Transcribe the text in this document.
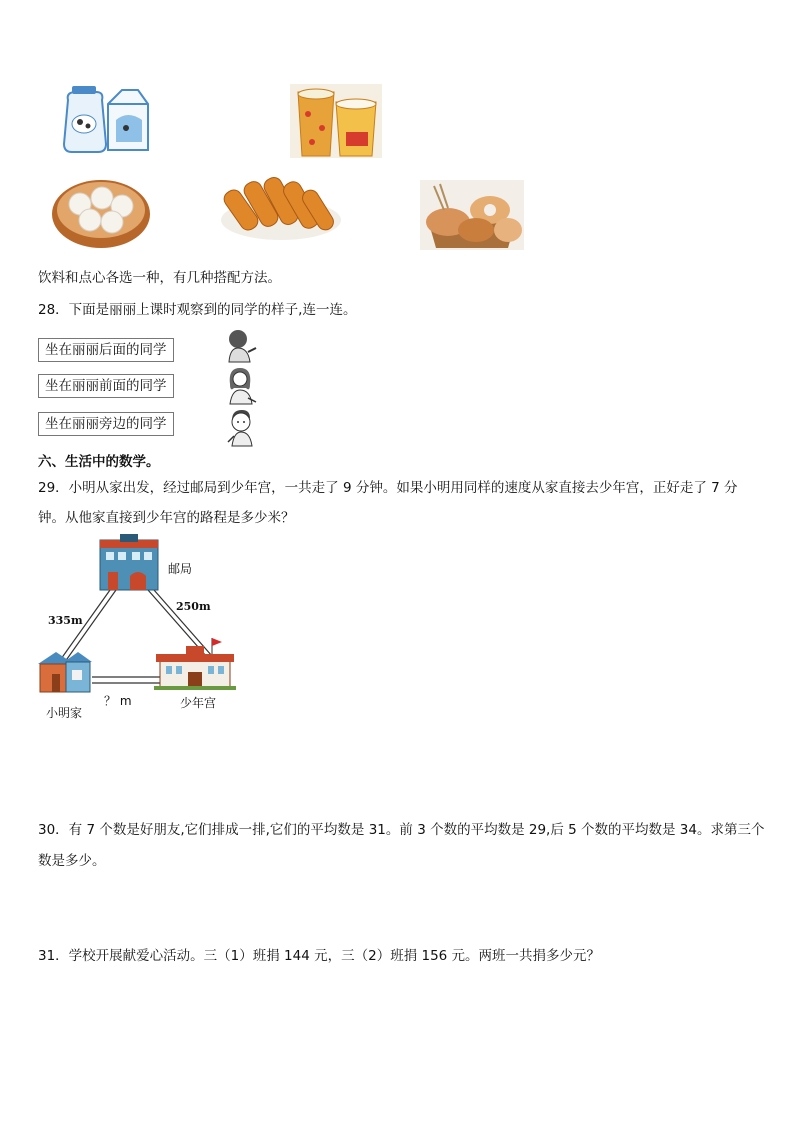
饮料和点心各选一种，有几种搭配方法。
28．下面是丽丽上课时观察到的同学的样子,连一连。
坐在丽丽后面的同学
坐在丽丽前面的同学
坐在丽丽旁边的同学
六、生活中的数学。
29．小明从家出发，经过邮局到少年宫，一共走了 9 分钟。如果小明用同样的速度从家直接去少年宫，正好走了 7 分
钟。从他家直接到少年宫的路程是多少米？
邮局
250m
335m
？ m
小明家
少年宫
30．有 7 个数是好朋友,它们排成一排,它们的平均数是 31。前 3 个数的平均数是 29,后 5 个数的平均数是 34。求第三个
数是多少。
31．学校开展献爱心活动。三（1）班捐 144 元，三（2）班捐 156 元。两班一共捐多少元？
